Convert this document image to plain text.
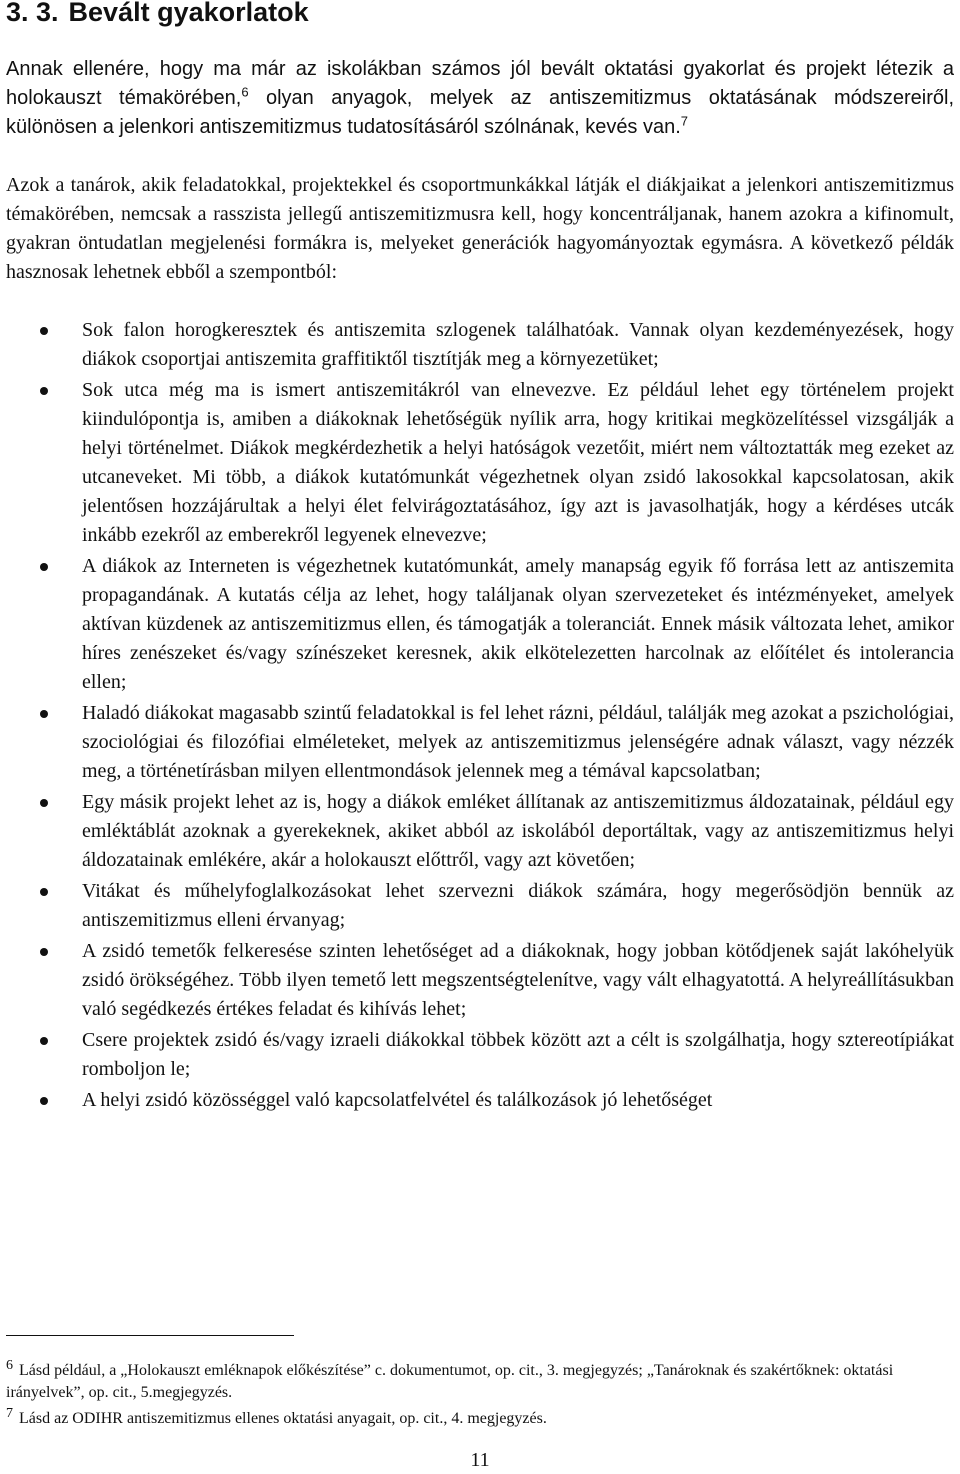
3. 3. Bevált gyakorlatok

Annak ellenére, hogy ma már az iskolákban számos jól bevált oktatási gyakorlat és projekt létezik a holokauszt témakörében,$^6$ olyan anyagok, melyek az antiszemitizmus oktatásának módszereiről, különösen a jelenkori antiszemitizmus tudatosításáról szólnának, kevés van.$^7$

Azok a tanárok, akik feladatokkal, projektekkel és csoportmunkákkal látják el diákjaikat a jelenkori antiszemitizmus témakörében, nemcsak a rasszista jellegű antiszemitizmusra kell, hogy koncentráljanak, hanem azokra a kifinomult, gyakran öntudatlan megjelenési formákra is, melyeket generációk hagyományoztak egymásra. A következő példák hasznosak lehetnek ebből a szempontból:

Sok falon horogkeresztek és antiszemita szlogenek találhatóak. Vannak olyan kezdeményezések, hogy diákok csoportjai antiszemita graffitiktől tisztítják meg a környezetüket;
Sok utca még ma is ismert antiszemitákról van elnevezve. Ez például lehet egy történelem projekt kiindulópontja is, amiben a diákoknak lehetőségük nyílik arra, hogy kritikai megközelítéssel vizsgálják a helyi történelmet. Diákok megkérdezhetik a helyi hatóságok vezetőit, miért nem változtatták meg ezeket az utcaneveket. Mi több, a diákok kutatómunkát végezhetnek olyan zsidó lakosokkal kapcsolatosan, akik jelentősen hozzájárultak a helyi élet felvirágoztatásához, így azt is javasolhatják, hogy a kérdéses utcák inkább ezekről az emberekről legyenek elnevezve;
A diákok az Interneten is végezhetnek kutatómunkát, amely manapság egyik fő forrása lett az antiszemita propagandának. A kutatás célja az lehet, hogy találjanak olyan szervezeteket és intézményeket, amelyek aktívan küzdenek az antiszemitizmus ellen, és támogatják a toleranciát. Ennek másik változata lehet, amikor híres zenészeket és/vagy színészeket keresnek, akik elkötelezetten harcolnak az előítélet és intolerancia ellen;
Haladó diákokat magasabb szintű feladatokkal is fel lehet rázni, például, találják meg azokat a pszichológiai, szociológiai és filozófiai elméleteket, melyek az antiszemitizmus jelenségére adnak választ, vagy nézzék meg, a történetírásban milyen ellentmondások jelennek meg a témával kapcsolatban;
Egy másik projekt lehet az is, hogy a diákok emléket állítanak az antiszemitizmus áldozatainak, például egy emléktáblát azoknak a gyerekeknek, akiket abból az iskolából deportáltak, vagy az antiszemitizmus helyi áldozatainak emlékére, akár a holokauszt előttről, vagy azt követően;
Vitákat és műhelyfoglalkozásokat lehet szervezni diákok számára, hogy megerősödjön bennük az antiszemitizmus elleni érvanyag;
A zsidó temetők felkeresése szinten lehetőséget ad a diákoknak, hogy jobban kötődjenek saját lakóhelyük zsidó örökségéhez. Több ilyen temető lett megszentségtelenítve, vagy vált elhagyatottá. A helyreállításukban való segédkezés értékes feladat és kihívás lehet;
Csere projektek zsidó és/vagy izraeli diákokkal többek között azt a célt is szolgálhatja, hogy sztereotípiákat romboljon le;
A helyi zsidó közösséggel való kapcsolatfelvétel és találkozások jó lehetőséget

6 Lásd például, a „Holokauszt emléknapok előkészítése” c. dokumentumot, op. cit., 3. megjegyzés; „Tanároknak és szakértőknek: oktatási irányelvek”, op. cit., 5.megjegyzés.

7 Lásd az ODIHR antiszemitizmus ellenes oktatási anyagait, op. cit., 4. megjegyzés.

11
